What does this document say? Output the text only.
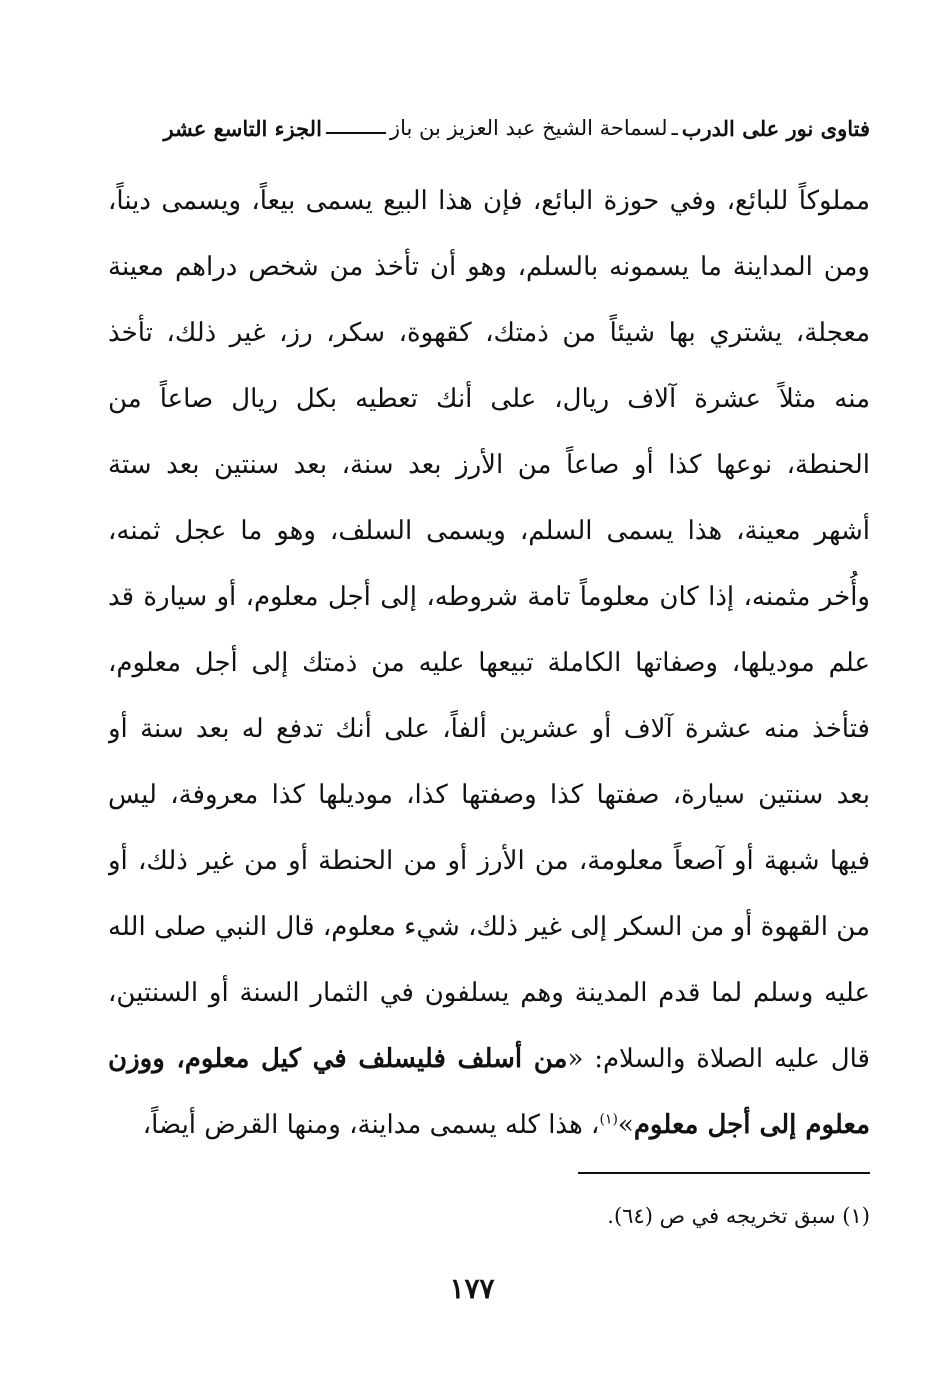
فتاوى نور على الدرب
ـ
لسماحة الشيخ عبد العزيز بن باز
الجزء التاسع عشر
مملوكاً للبائع، وفي حوزة البائع، فإن هذا البيع يسمى بيعاً، ويسمى ديناً،
ومن المداينة ما يسمونه بالسلم، وهو أن تأخذ من شخص دراهم معينة
معجلة، يشتري بها شيئاً من ذمتك، كقهوة، سكر، رز، غير ذلك، تأخذ
منه مثلاً عشرة آلاف ريال، على أنك تعطيه بكل ريال صاعاً من
الحنطة، نوعها كذا أو صاعاً من الأرز بعد سنة، بعد سنتين بعد ستة
أشهر معينة، هذا يسمى السلم، ويسمى السلف، وهو ما عجل ثمنه،
وأُخر مثمنه، إذا كان معلوماً تامة شروطه، إلى أجل معلوم، أو سيارة قد
علم موديلها، وصفاتها الكاملة تبيعها عليه من ذمتك إلى أجل معلوم،
فتأخذ منه عشرة آلاف أو عشرين ألفاً، على أنك تدفع له بعد سنة أو
بعد سنتين سيارة، صفتها كذا وصفتها كذا، موديلها كذا معروفة، ليس
فيها شبهة أو آصعاً معلومة، من الأرز أو من الحنطة أو من غير ذلك، أو
من القهوة أو من السكر إلى غير ذلك، شيء معلوم، قال النبي صلى الله
عليه وسلم لما قدم المدينة وهم يسلفون في الثمار السنة أو السنتين،
قال عليه الصلاة والسلام: «من أسلف فليسلف في كيل معلوم، ووزن
معلوم إلى أجل معلوم»$^{(١)}$، هذا كله يسمى مداينة، ومنها القرض أيضاً،
(١) سبق تخريجه في ص (٦٤).
١٧٧
